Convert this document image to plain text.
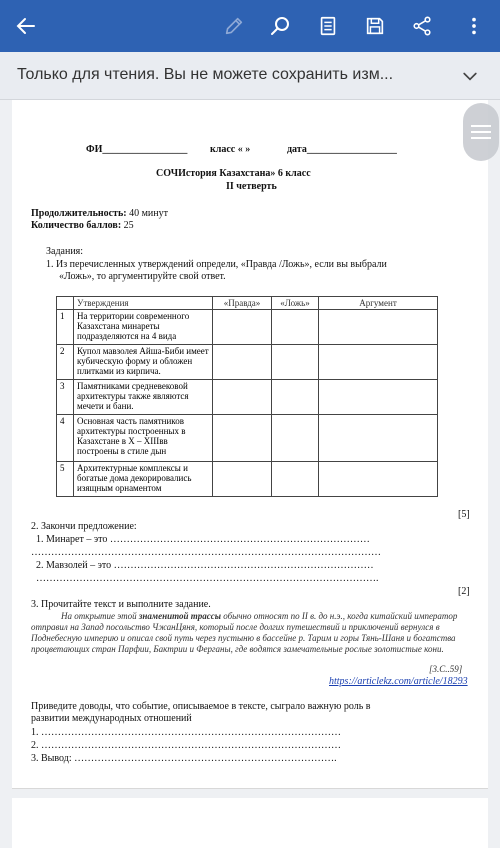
Только для чтения. Вы не можете сохранить изм...
ФИ_________________ класс « »	дата__________________
СОЧИстория Казахстана» 6 класс
II четверть
Продолжительность: 40 минут
Количество баллов: 25
Задания:
1. Из перечисленных утверждений определи, «Правда /Ложь», если вы выбрали
«Ложь», то аргументируйте свой ответ.
	Утверждения	«Правда»	«Ложь»	Аргумент
1	На территории современного Казахстана минареты подразделяются на 4 вида			
2	Купол мавзолея Айша-Биби имеет кубическую форму и обложен плитками из кирпича.			
3	Памятниками средневековой архитектуры также являются мечети и бани.			
4	Основная часть памятников архитектуры построенных в Казахстане в X – XIIIвв построены в стиле дын			
5	Архитектурные комплексы и богатые дома декорировались изящным орнаментом			
[5]
2. Закончи предложение:
1. Минарет – это ……………………………………………………………………
……………………………………………………………………………………………
2. Мавзолей – это ……………………………………………………………………
………………………………………………………………………………………….
[2]
3. Прочитайте текст и выполните задание.
На открытие этой знаменитой трассы обычно относят по II в. до н.э., когда китайский император отправил на Запад посольство ЧжанЦяня, который после долгих путешествий и приключений вернулся в Поднебесную империю и описал свой путь через пустыню в бассейне р. Тарим и горы Тянь-Шаня и богатства процветающих стран Парфии, Бактрии и Ферганы, где водятся замечательные рослые золотистые кони.
[3.С..59]
https://articlekz.com/article/18293
Приведите доводы, что событие, описываемое в тексте, сыграло важную роль в
развитии международных отношений
1. ………………………………………………………………………………
2. ………………………………………………………………………………
3. Вывод: …………………………………………………………………….
